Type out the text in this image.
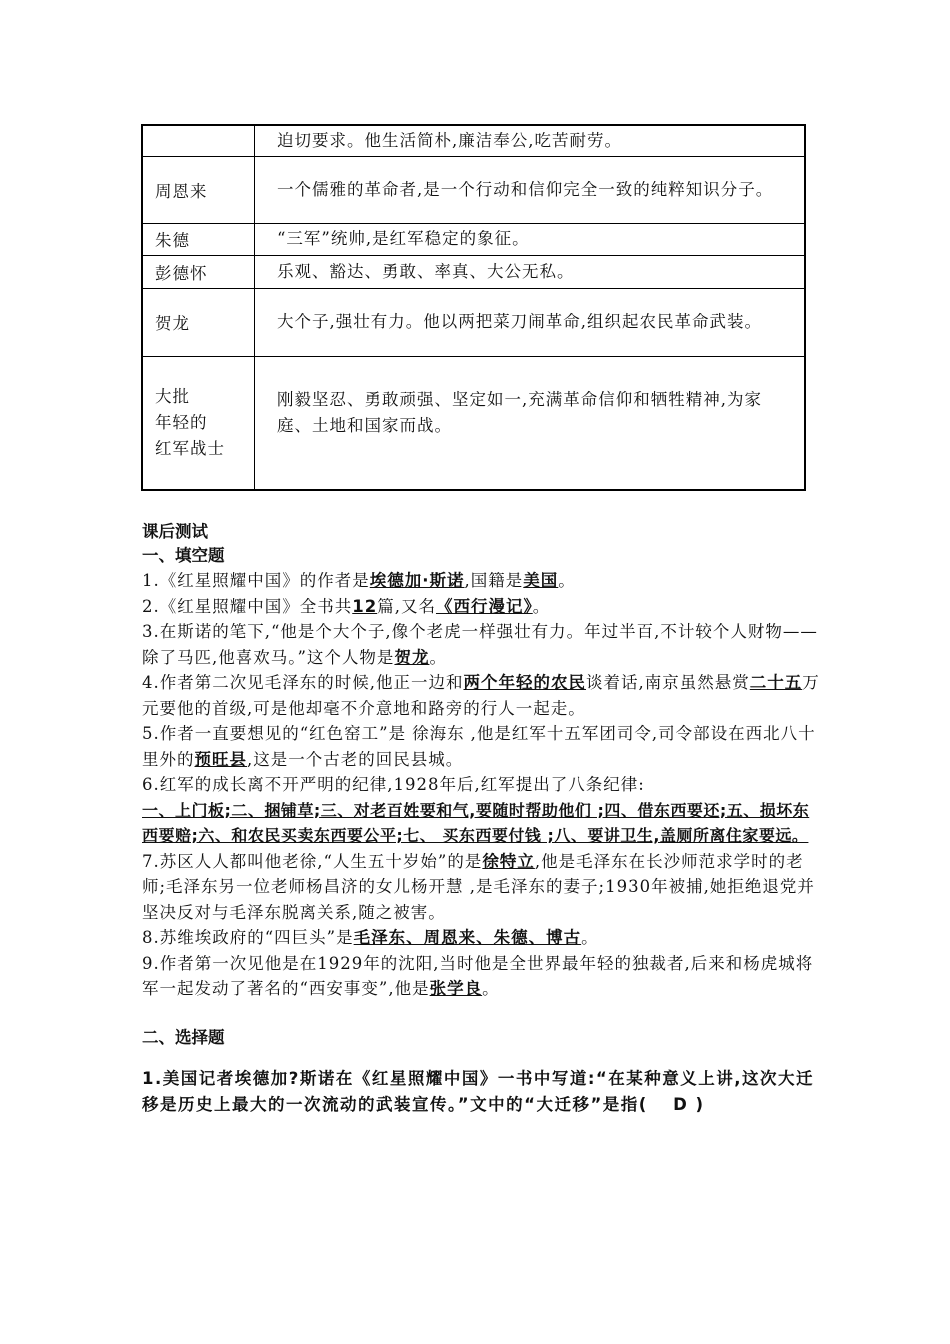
	迫切要求。他生活简朴,廉洁奉公,吃苦耐劳。
周恩来	一个儒雅的革命者,是一个行动和信仰完全一致的纯粹知识分子。
朱德	“三军”统帅,是红军稳定的象征。
彭德怀	乐观、豁达、勇敢、率真、大公无私。
贺龙	大个子,强壮有力。他以两把菜刀闹革命,组织起农民革命武装。
大批
年轻的
红军战士	刚毅坚忍、勇敢顽强、坚定如一,充满革命信仰和牺牲精神,为家庭、土地和国家而战。
课后测试
一、填空题

1.《红星照耀中国》的作者是埃德加·斯诺,国籍是美国。

2.《红星照耀中国》全书共12篇,又名《西行漫记》。

3.在斯诺的笔下,“他是个大个子,像个老虎一样强壮有力。年过半百,不计较个人财物——除了马匹,他喜欢马。”这个人物是贺龙。

4.作者第二次见毛泽东的时候,他正一边和两个年轻的农民谈着话,南京虽然悬赏二十五万元要他的首级,可是他却毫不介意地和路旁的行人一起走。

5.作者一直要想见的“红色窑工”是 徐海东 ,他是红军十五军团司令,司令部设在西北八十里外的预旺县,这是一个古老的回民县城。

6.红军的成长离不开严明的纪律,1928年后,红军提出了八条纪律:

一、上门板;二、捆铺草;三、对老百姓要和气,要随时帮助他们 ;四、借东西要还;五、损坏东西要赔;六、和农民买卖东西要公平;七、 买东西要付钱 ;八、要讲卫生,盖厕所离住家要远。

7.苏区人人都叫他老徐,“人生五十岁始”的是徐特立,他是毛泽东在长沙师范求学时的老师;毛泽东另一位老师杨昌济的女儿杨开慧 ,是毛泽东的妻子;1930年被捕,她拒绝退党并坚决反对与毛泽东脱离关系,随之被害。

8.苏维埃政府的“四巨头”是毛泽东、周恩来、朱德、博古。

9.作者第一次见他是在1929年的沈阳,当时他是全世界最年轻的独裁者,后来和杨虎城将军一起发动了著名的“西安事变”,他是张学良。

二、选择题

1.美国记者埃德加?斯诺在《红星照耀中国》一书中写道:“在某种意义上讲,这次大迁移是历史上最大的一次流动的武装宣传。”文中的“大迁移”是指(　 D )
